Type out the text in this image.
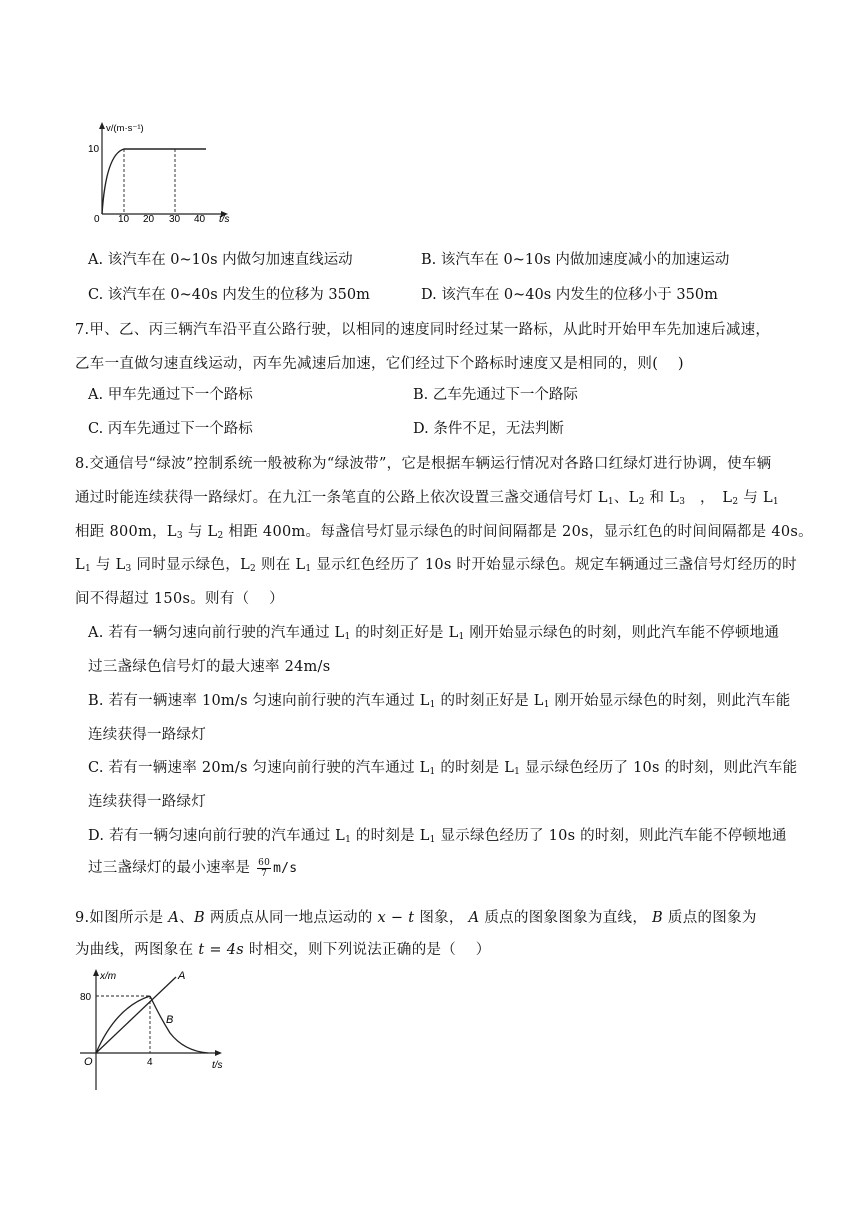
v/(m·s⁻¹)
10
0 10 20 30 40 t/s
A. 该汽车在 0~10s 内做匀加速直线运动	B. 该汽车在 0~10s 内做加速度减小的加速运动
C. 该汽车在 0~40s 内发生的位移为 350m	D. 该汽车在 0~40s 内发生的位移小于 350m
7.甲、乙、丙三辆汽车沿平直公路行驶，以相同的速度同时经过某一路标，从此时开始甲车先加速后减速，
乙车一直做匀速直线运动，丙车先减速后加速，它们经过下个路标时速度又是相同的，则(　 )
A. 甲车先通过下一个路标	B. 乙车先通过下一个路际
C. 丙车先通过下一个路标	D. 条件不足，无法判断
8.交通信号“绿波”控制系统一般被称为“绿波带”，它是根据车辆运行情况对各路口红绿灯进行协调，使车辆
通过时能连续获得一路绿灯。在九江一条笔直的公路上依次设置三盏交通信号灯 $L_1$、$L_2$ 和 $L_3$　，　$L_2$ 与 $L_1$
相距 800m，$L_3$ 与 $L_2$ 相距 400m。每盏信号灯显示绿色的时间间隔都是 20s，显示红色的时间间隔都是 40s。
$L_1$ 与 $L_3$ 同时显示绿色，$L_2$ 则在 $L_1$ 显示红色经历了 10s 时开始显示绿色。规定车辆通过三盏信号灯经历的时
间不得超过 150s。则有（　 ）
A. 若有一辆匀速向前行驶的汽车通过 $L_1$ 的时刻正好是 $L_1$ 刚开始显示绿色的时刻，则此汽车能不停顿地通
过三盏绿色信号灯的最大速率 24m/s
B. 若有一辆速率 10m/s 匀速向前行驶的汽车通过 $L_1$ 的时刻正好是 $L_1$ 刚开始显示绿色的时刻，则此汽车能
连续获得一路绿灯
C. 若有一辆速率 20m/s 匀速向前行驶的汽车通过 $L_1$ 的时刻是 $L_1$ 显示绿色经历了 10s 的时刻，则此汽车能
连续获得一路绿灯
D. 若有一辆匀速向前行驶的汽车通过 $L_1$ 的时刻是 $L_1$ 显示绿色经历了 10s 的时刻，则此汽车能不停顿地通
过三盏绿灯的最小速率是 $\frac{60}{7} m/s$
9.如图所示是 A、B 两质点从同一地点运动的 x − t 图象， A 质点的图象图象为直线， B 质点的图象为
为曲线，两图象在 t = 4s 时相交，则下列说法正确的是（　 ）
x/m
80
4
O	t/s
A
B
